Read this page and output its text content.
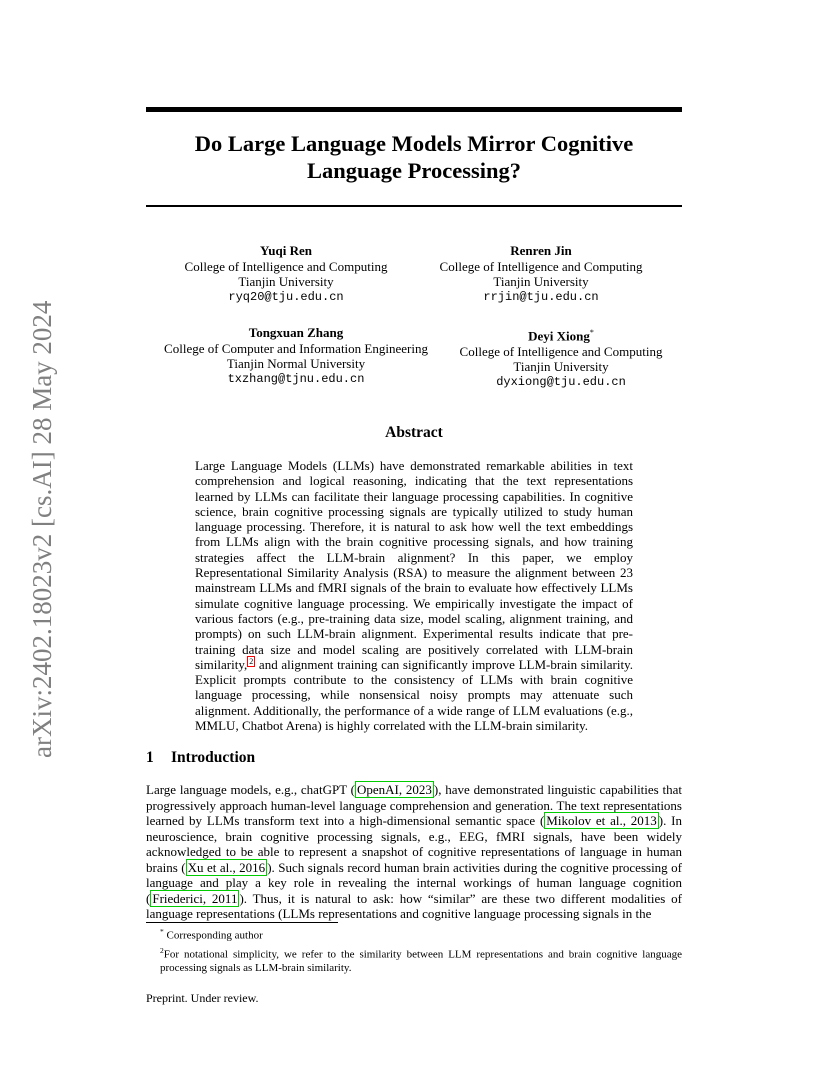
Do Large Language Models Mirror Cognitive
Language Processing?
arXiv:2402.18023v2 [cs.AI] 28 May 2024
Yuqi Ren
College of Intelligence and Computing
Tianjin University
ryq20@tju.edu.cn
Renren Jin
College of Intelligence and Computing
Tianjin University
rrjin@tju.edu.cn
Tongxuan Zhang
College of Computer and Information Engineering
Tianjin Normal University
txzhang@tjnu.edu.cn
Deyi Xiong*
College of Intelligence and Computing
Tianjin University
dyxiong@tju.edu.cn
Abstract
Large Language Models (LLMs) have demonstrated remarkable abilities in text comprehension and logical reasoning, indicating that the text representations learned by LLMs can facilitate their language processing capabilities. In cognitive science, brain cognitive processing signals are typically utilized to study human language processing. Therefore, it is natural to ask how well the text embeddings from LLMs align with the brain cognitive processing signals, and how training strategies affect the LLM-brain alignment? In this paper, we employ Representational Similarity Analysis (RSA) to measure the alignment between 23 mainstream LLMs and fMRI signals of the brain to evaluate how effectively LLMs simulate cognitive language processing. We empirically investigate the impact of various factors (e.g., pre-training data size, model scaling, alignment training, and prompts) on such LLM-brain alignment. Experimental results indicate that pre-training data size and model scaling are positively correlated with LLM-brain similarity, $^2$ and alignment training can significantly improve LLM-brain similarity. Explicit prompts contribute to the consistency of LLMs with brain cognitive language processing, while nonsensical noisy prompts may attenuate such alignment. Additionally, the performance of a wide range of LLM evaluations (e.g., MMLU, Chatbot Arena) is highly correlated with the LLM-brain similarity.
1 Introduction
Large language models, e.g., chatGPT ( OpenAI, 2023 ), have demonstrated linguistic capabilities that progressively approach human-level language comprehension and generation. The text representations learned by LLMs transform text into a high-dimensional semantic space ( Mikolov et al., 2013 ). In neuroscience, brain cognitive processing signals, e.g., EEG, fMRI signals, have been widely acknowledged to be able to represent a snapshot of cognitive representations of language in human brains ( Xu et al., 2016 ). Such signals record human brain activities during the cognitive processing of language and play a key role in revealing the internal workings of human language cognition ( Friederici, 2011 ). Thus, it is natural to ask: how “similar” are these two different modalities of language representations (LLMs representations and cognitive language processing signals in the
* Corresponding author
$^2$For notational simplicity, we refer to the similarity between LLM representations and brain cognitive language processing signals as LLM-brain similarity.
Preprint. Under review.
